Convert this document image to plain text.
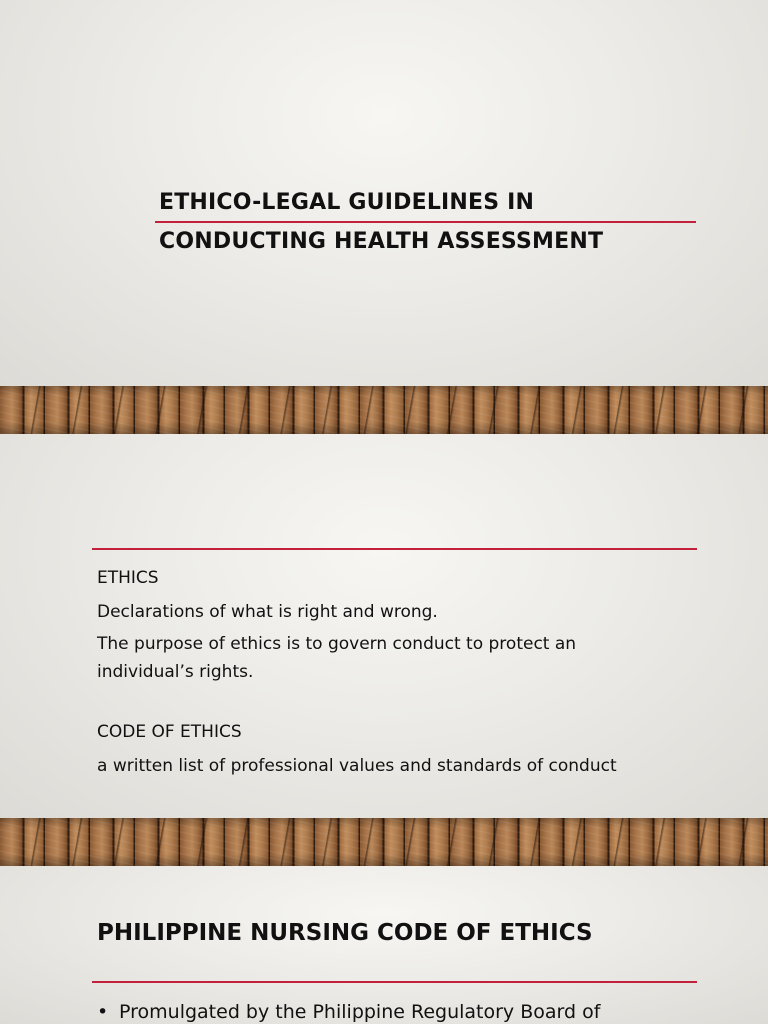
ETHICO-LEGAL GUIDELINES IN
CONDUCTING HEALTH ASSESSMENT
ETHICS

Declarations of what is right and wrong.

The purpose of ethics is to govern conduct to protect an individual’s rights.

CODE OF ETHICS

a written list of professional values and standards of conduct

PHILIPPINE NURSING CODE OF ETHICS
• Promulgated by the Philippine Regulatory Board of
